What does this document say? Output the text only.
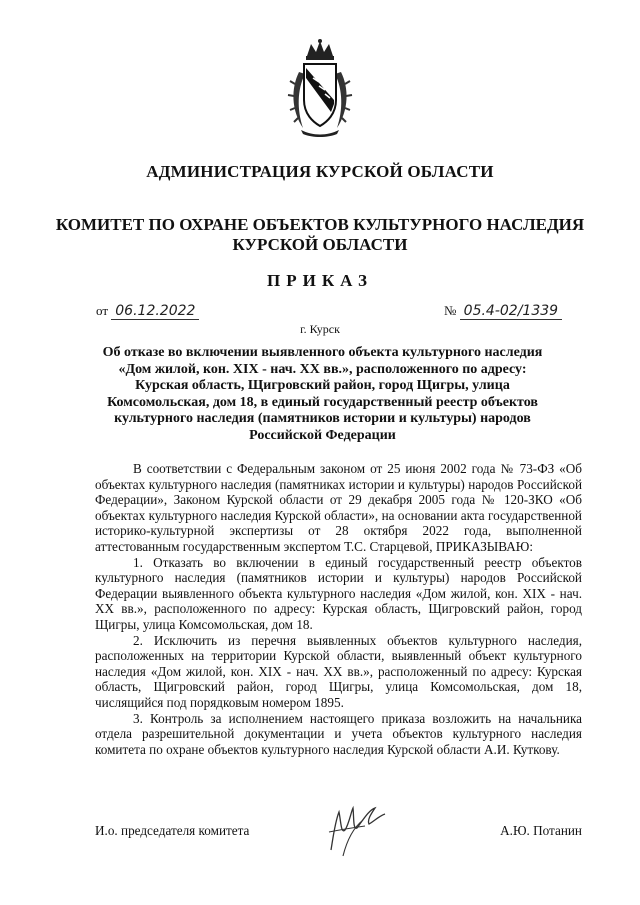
АДМИНИСТРАЦИЯ КУРСКОЙ ОБЛАСТИ
КОМИТЕТ ПО ОХРАНЕ ОБЪЕКТОВ КУЛЬТУРНОГО НАСЛЕДИЯ
КУРСКОЙ ОБЛАСТИ
ПРИКАЗ
от 06.12.2022	№ 05.4-02/1339
г. Курск
Об отказе во включении выявленного объекта культурного наследия «Дом жилой, кон. XIX - нач. XX вв.», расположенного по адресу: Курская область, Щигровский район, город Щигры, улица Комсомольская, дом 18, в единый государственный реестр объектов культурного наследия (памятников истории и культуры) народов Российской Федерации

В соответствии с Федеральным законом от 25 июня 2002 года № 73-ФЗ «Об объектах культурного наследия (памятниках истории и культуры) народов Российской Федерации», Законом Курской области от 29 декабря 2005 года № 120-ЗКО «Об объектах культурного наследия Курской области», на основании акта государственной историко-культурной экспертизы от 28 октября 2022 года, выполненной аттестованным государственным экспертом Т.С. Старцевой, ПРИКАЗЫВАЮ:

1. Отказать во включении в единый государственный реестр объектов культурного наследия (памятников истории и культуры) народов Российской Федерации выявленного объекта культурного наследия «Дом жилой, кон. XIX - нач. XX вв.», расположенного по адресу: Курская область, Щигровский район, город Щигры, улица Комсомольская, дом 18.

2. Исключить из перечня выявленных объектов культурного наследия, расположенных на территории Курской области, выявленный объект культурного наследия «Дом жилой, кон. XIX - нач. XX вв.», расположенный по адресу: Курская область, Щигровский район, город Щигры, улица Комсомольская, дом 18, числящийся под порядковым номером 1895.

3. Контроль за исполнением настоящего приказа возложить на начальника отдела разрешительной документации и учета объектов культурного наследия комитета по охране объектов культурного наследия Курской области А.И. Куткову.

И.о. председателя комитета	А.Ю. Потанин
